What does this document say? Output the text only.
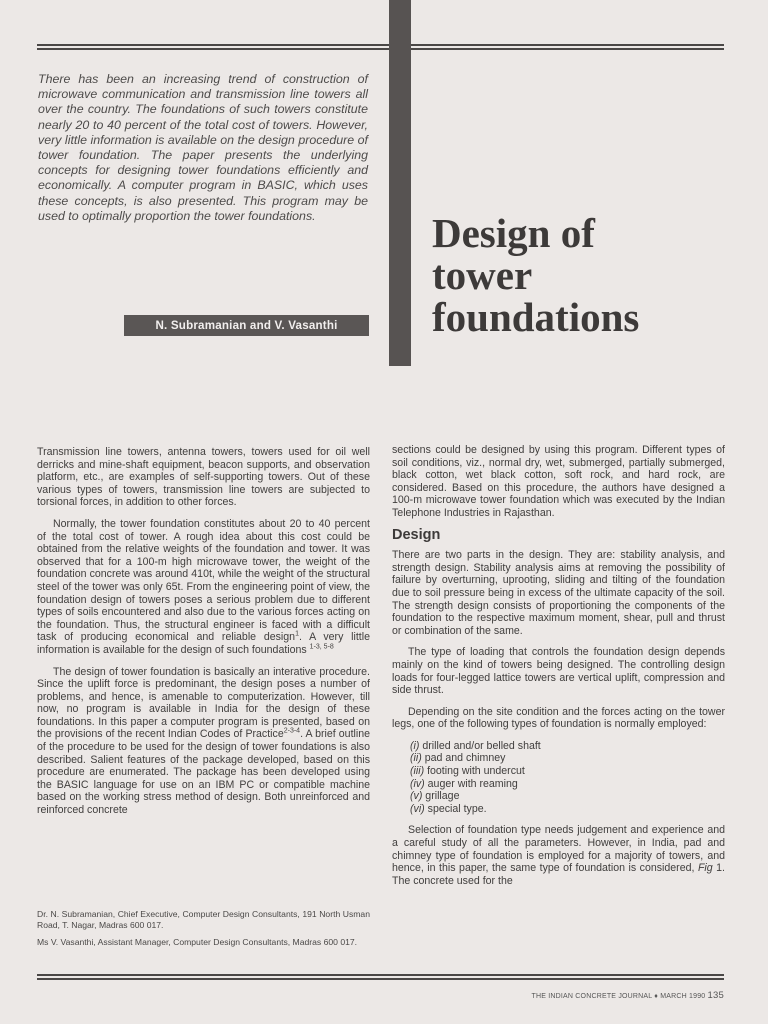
There has been an increasing trend of construction of microwave communication and transmission line towers all over the country. The foundations of such towers constitute nearly 20 to 40 percent of the total cost of towers. However, very little information is available on the design procedure of tower foundation. The paper presents the underlying concepts for designing tower foundations efficiently and economically. A computer program in BASIC, which uses these concepts, is also presented. This program may be used to optimally proportion the tower foundations.

N. Subramanian and V. Vasanthi
Design of
tower
foundations

Transmission line towers, antenna towers, towers used for oil well derricks and mine-shaft equipment, beacon supports, and observation platform, etc., are examples of self-supporting towers. Out of these various types of towers, transmission line towers are subjected to torsional forces, in addition to other forces.

Normally, the tower foundation constitutes about 20 to 40 percent of the total cost of tower. A rough idea about this cost could be obtained from the relative weights of the foundation and tower. It was observed that for a 100-m high microwave tower, the weight of the foundation concrete was around 410t, while the weight of the structural steel of the tower was only 65t. From the engineering point of view, the foundation design of towers poses a serious problem due to different types of soils encountered and also due to the various forces acting on the foundation. Thus, the structural engineer is faced with a difficult task of producing economical and reliable design$^1$. A very little information is available for the design of such foundations $^{1-3, 5-8}$

The design of tower foundation is basically an interative procedure. Since the uplift force is predominant, the design poses a number of problems, and hence, is amenable to computerization. However, till now, no program is available in India for the design of these foundations. In this paper a computer program is presented, based on the provisions of the recent Indian Codes of Practice$^{2-3-4}$. A brief outline of the procedure to be used for the design of tower foundations is also described. Salient features of the package developed, based on this procedure are enumerated. The package has been developed using the BASIC language for use on an IBM PC or compatible machine based on the working stress method of design. Both unreinforced and reinforced concrete

Dr. N. Subramanian, Chief Executive, Computer Design Consultants, 191 North Usman Road, T. Nagar, Madras 600 017.

Ms V. Vasanthi, Assistant Manager, Computer Design Consultants, Madras 600 017.

sections could be designed by using this program. Different types of soil conditions, viz., normal dry, wet, submerged, partially submerged, black cotton, wet black cotton, soft rock, and hard rock, are considered. Based on this procedure, the authors have designed a 100-m microwave tower foundation which was executed by the Indian Telephone Industries in Rajasthan.

Design

There are two parts in the design. They are: stability analysis, and strength design. Stability analysis aims at removing the possibility of failure by overturning, uprooting, sliding and tilting of the foundation due to soil pressure being in excess of the ultimate capacity of the soil. The strength design consists of proportioning the components of the foundation to the respective maximum moment, shear, pull and thrust or combination of the same.

The type of loading that controls the foundation design depends mainly on the kind of towers being designed. The controlling design loads for four-legged lattice towers are vertical uplift, compression and side thrust.

Depending on the site condition and the forces acting on the tower legs, one of the following types of foundation is normally employed:

(i) drilled and/or belled shaft
(ii) pad and chimney
(iii) footing with undercut
(iv) auger with reaming
(v) grillage
(vi) special type.

Selection of foundation type needs judgement and experience and a careful study of all the parameters. However, in India, pad and chimney type of foundation is employed for a majority of towers, and hence, in this paper, the same type of foundation is considered, Fig 1. The concrete used for the

THE INDIAN CONCRETE JOURNAL ♦ MARCH 1990 135
